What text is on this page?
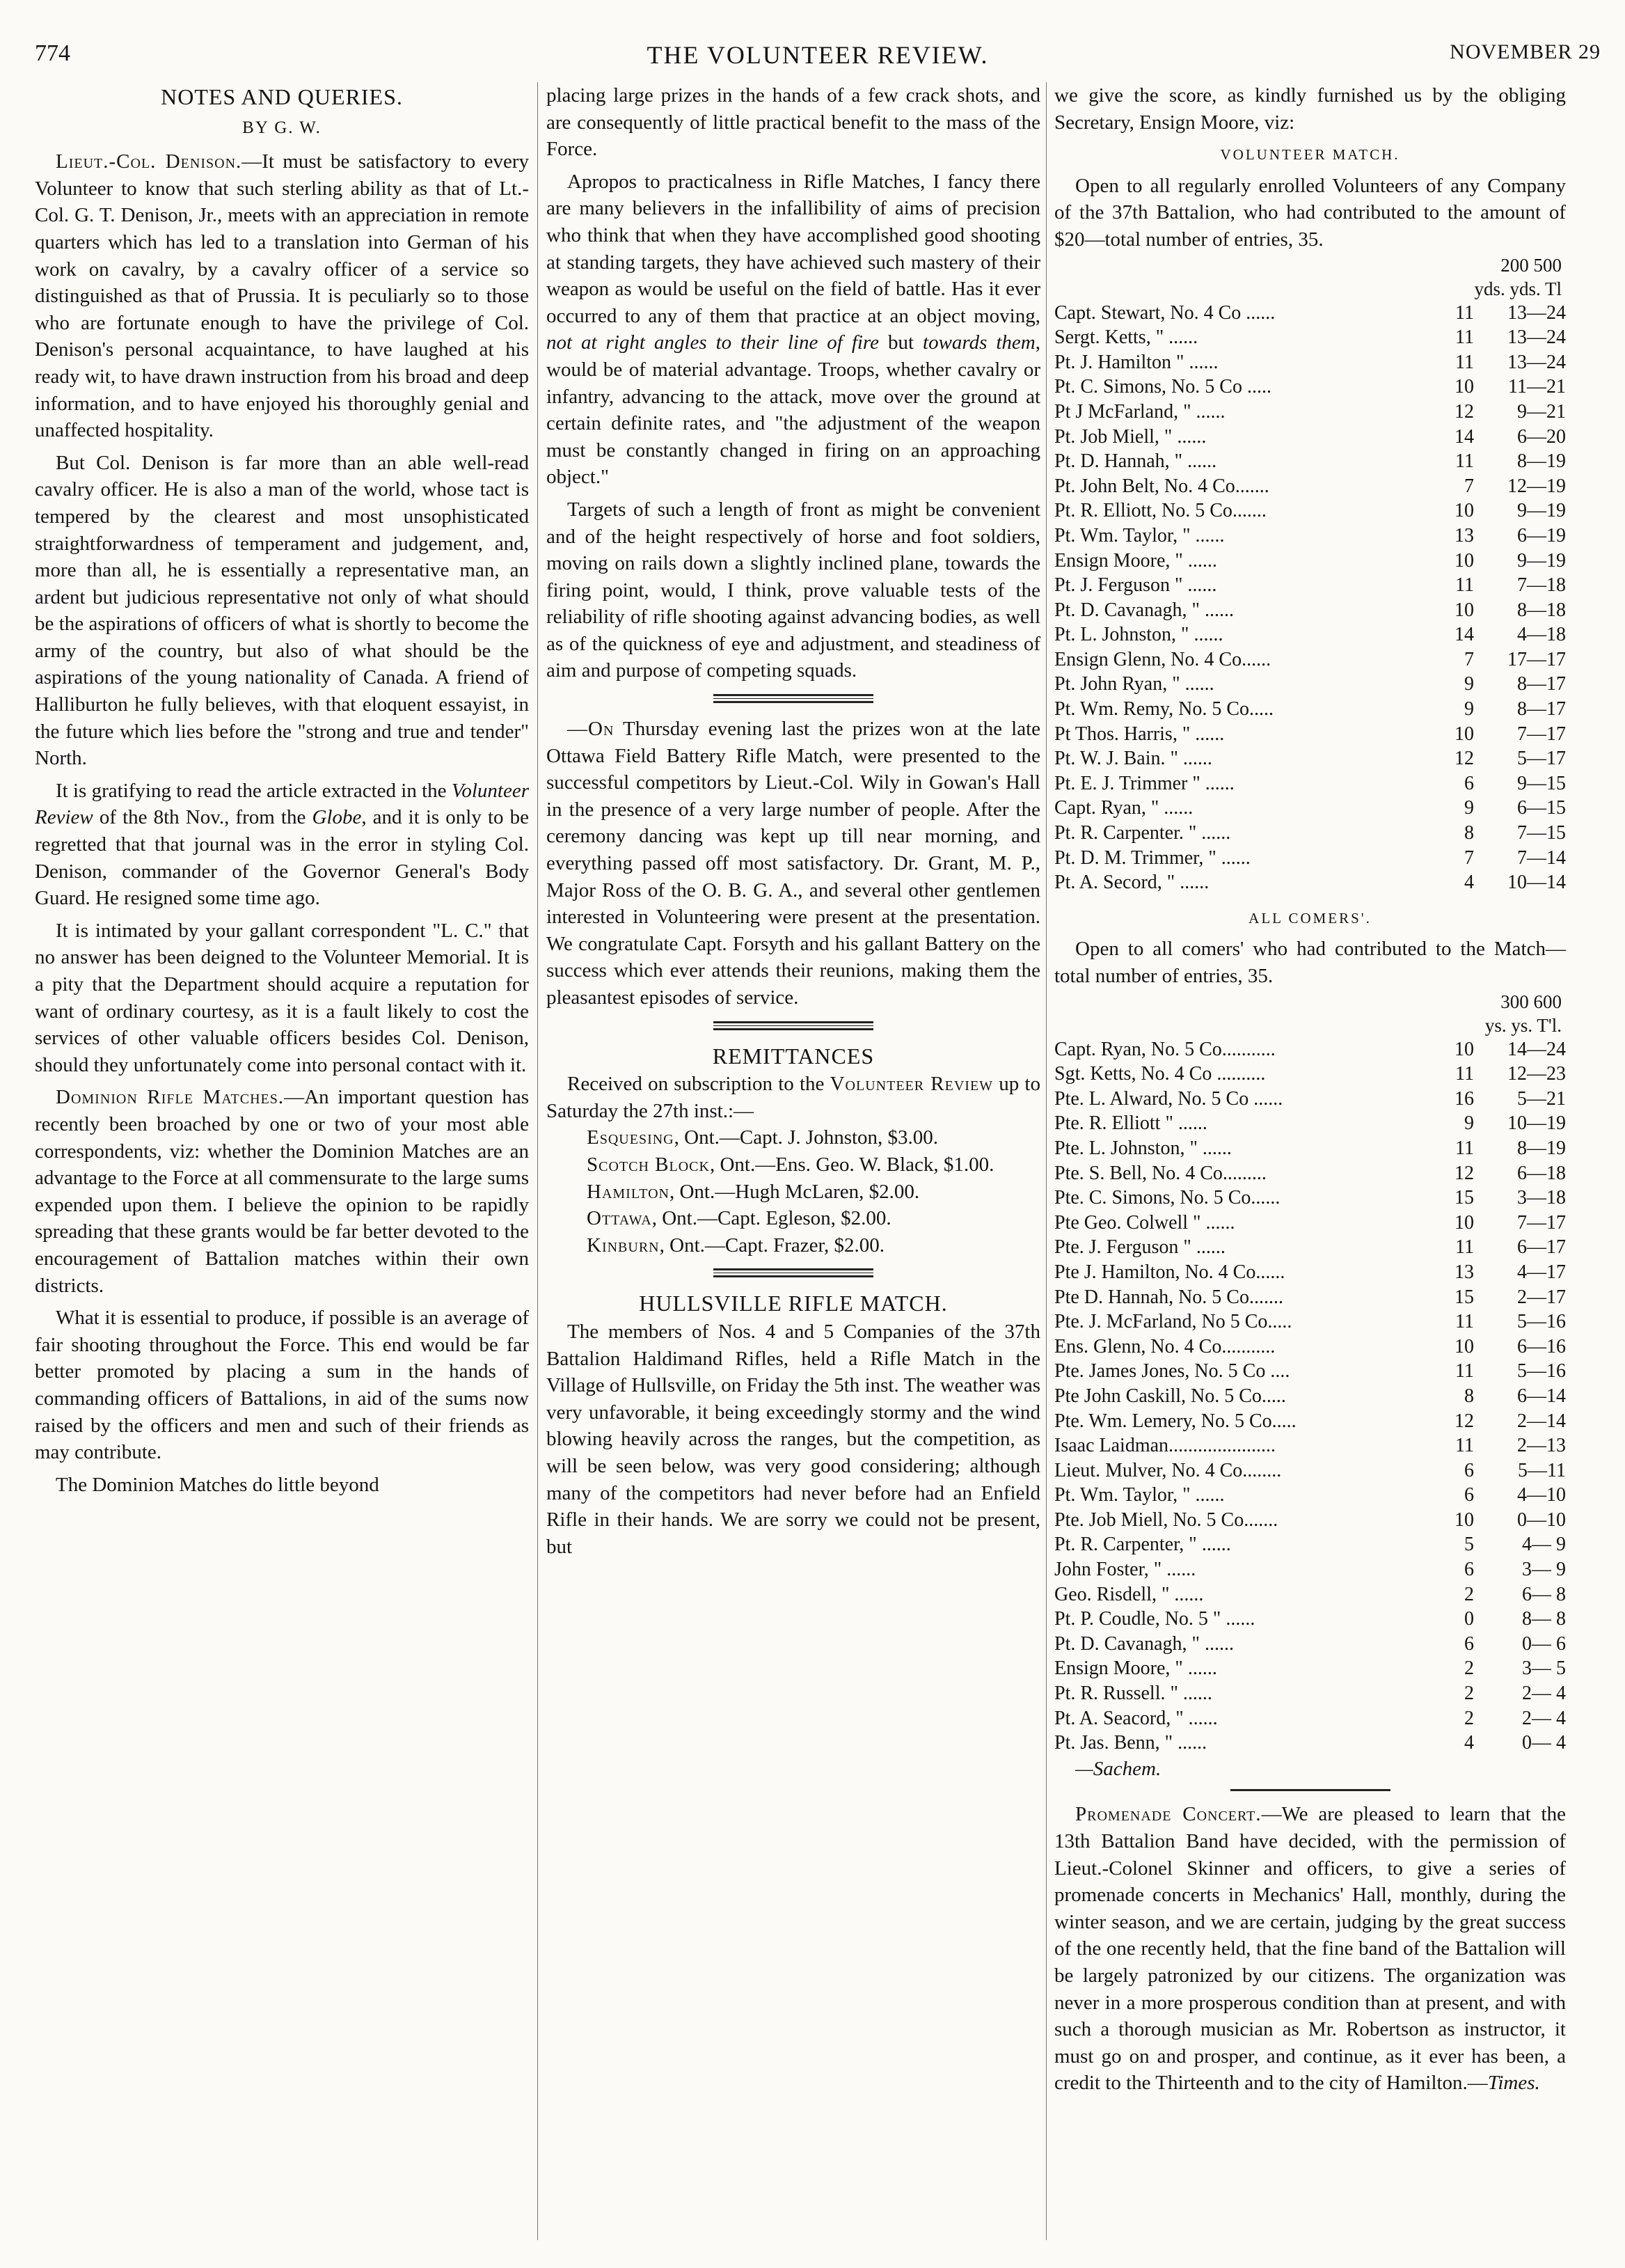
774	THE VOLUNTEER REVIEW.	NOVEMBER 29
NOTES AND QUERIES.
BY G. W.

Lieut.-Col. Denison.—It must be satisfactory to every Volunteer to know that such sterling ability as that of Lt.-Col. G. T. Denison, Jr., meets with an appreciation in remote quarters which has led to a translation into German of his work on cavalry, by a cavalry officer of a service so distinguished as that of Prussia. It is peculiarly so to those who are fortunate enough to have the privilege of Col. Denison's personal acquaintance, to have laughed at his ready wit, to have drawn instruction from his broad and deep information, and to have enjoyed his thoroughly genial and unaffected hospitality.

But Col. Denison is far more than an able well-read cavalry officer. He is also a man of the world, whose tact is tempered by the clearest and most unsophisticated straightforwardness of temperament and judgement, and, more than all, he is essentially a representative man, an ardent but judicious representative not only of what should be the aspirations of officers of what is shortly to become the army of the country, but also of what should be the aspirations of the young nationality of Canada. A friend of Halliburton he fully believes, with that eloquent essayist, in the future which lies before the "strong and true and tender" North.

It is gratifying to read the article extracted in the Volunteer Review of the 8th Nov., from the Globe, and it is only to be regretted that that journal was in the error in styling Col. Denison, commander of the Governor General's Body Guard. He resigned some time ago.

It is intimated by your gallant correspondent "L. C." that no answer has been deigned to the Volunteer Memorial. It is a pity that the Department should acquire a reputation for want of ordinary courtesy, as it is a fault likely to cost the services of other valuable officers besides Col. Denison, should they unfortunately come into personal contact with it.

Dominion Rifle Matches.—An important question has recently been broached by one or two of your most able correspondents, viz: whether the Dominion Matches are an advantage to the Force at all commensurate to the large sums expended upon them. I believe the opinion to be rapidly spreading that these grants would be far better devoted to the encouragement of Battalion matches within their own districts.

What it is essential to produce, if possible is an average of fair shooting throughout the Force. This end would be far better promoted by placing a sum in the hands of commanding officers of Battalions, in aid of the sums now raised by the officers and men and such of their friends as may contribute.

The Dominion Matches do little beyond

placing large prizes in the hands of a few crack shots, and are consequently of little practical benefit to the mass of the Force.

Apropos to practicalness in Rifle Matches, I fancy there are many believers in the infallibility of aims of precision who think that when they have accomplished good shooting at standing targets, they have achieved such mastery of their weapon as would be useful on the field of battle. Has it ever occurred to any of them that practice at an object moving, not at right angles to their line of fire but towards them, would be of material advantage. Troops, whether cavalry or infantry, advancing to the attack, move over the ground at certain definite rates, and "the adjustment of the weapon must be constantly changed in firing on an approaching object."

Targets of such a length of front as might be convenient and of the height respectively of horse and foot soldiers, moving on rails down a slightly inclined plane, towards the firing point, would, I think, prove valuable tests of the reliability of rifle shooting against advancing bodies, as well as of the quickness of eye and adjustment, and steadiness of aim and purpose of competing squads.

—On Thursday evening last the prizes won at the late Ottawa Field Battery Rifle Match, were presented to the successful competitors by Lieut.-Col. Wily in Gowan's Hall in the presence of a very large number of people. After the ceremony dancing was kept up till near morning, and everything passed off most satisfactory. Dr. Grant, M. P., Major Ross of the O. B. G. A., and several other gentlemen interested in Volunteering were present at the presentation. We congratulate Capt. Forsyth and his gallant Battery on the success which ever attends their reunions, making them the pleasantest episodes of service.

REMITTANCES

Received on subscription to the Volunteer Review up to Saturday the 27th inst.:—

Esquesing, Ont.—Capt. J. Johnston, $3.00.

Scotch Block, Ont.—Ens. Geo. W. Black, $1.00.

Hamilton, Ont.—Hugh McLaren, $2.00.

Ottawa, Ont.—Capt. Egleson, $2.00.

Kinburn, Ont.—Capt. Frazer, $2.00.

HULLSVILLE RIFLE MATCH.

The members of Nos. 4 and 5 Companies of the 37th Battalion Haldimand Rifles, held a Rifle Match in the Village of Hullsville, on Friday the 5th inst. The weather was very unfavorable, it being exceedingly stormy and the wind blowing heavily across the ranges, but the competition, as will be seen below, was very good considering; although many of the competitors had never before had an Enfield Rifle in their hands. We are sorry we could not be present, but

we give the score, as kindly furnished us by the obliging Secretary, Ensign Moore, viz:

VOLUNTEER MATCH.

Open to all regularly enrolled Volunteers of any Company of the 37th Battalion, who had contributed to the amount of $20—total number of entries, 35.

200 500
yds. yds. Tl
Capt. Stewart, No. 4 Co ......	11	13—24
Sergt. Ketts, " ......	11	13—24
Pt. J. Hamilton " ......	11	13—24
Pt. C. Simons, No. 5 Co .....	10	11—21
Pt J McFarland, " ......	12	9—21
Pt. Job Miell, " ......	14	6—20
Pt. D. Hannah, " ......	11	8—19
Pt. John Belt, No. 4 Co.......	7	12—19
Pt. R. Elliott, No. 5 Co.......	10	9—19
Pt. Wm. Taylor, " ......	13	6—19
Ensign Moore, " ......	10	9—19
Pt. J. Ferguson " ......	11	7—18
Pt. D. Cavanagh, " ......	10	8—18
Pt. L. Johnston, " ......	14	4—18
Ensign Glenn, No. 4 Co......	7	17—17
Pt. John Ryan, " ......	9	8—17
Pt. Wm. Remy, No. 5 Co.....	9	8—17
Pt Thos. Harris, " ......	10	7—17
Pt. W. J. Bain. " ......	12	5—17
Pt. E. J. Trimmer " ......	6	9—15
Capt. Ryan, " ......	9	6—15
Pt. R. Carpenter. " ......	8	7—15
Pt. D. M. Trimmer, " ......	7	7—14
Pt. A. Secord, " ......	4	10—14
ALL COMERS'.

Open to all comers' who had contributed to the Match—total number of entries, 35.

300 600
ys. ys. T'l.
Capt. Ryan, No. 5 Co...........	10	14—24
Sgt. Ketts, No. 4 Co ..........	11	12—23
Pte. L. Alward, No. 5 Co ......	16	5—21
Pte. R. Elliott " ......	9	10—19
Pte. L. Johnston, " ......	11	8—19
Pte. S. Bell, No. 4 Co.........	12	6—18
Pte. C. Simons, No. 5 Co......	15	3—18
Pte Geo. Colwell " ......	10	7—17
Pte. J. Ferguson " ......	11	6—17
Pte J. Hamilton, No. 4 Co......	13	4—17
Pte D. Hannah, No. 5 Co.......	15	2—17
Pte. J. McFarland, No 5 Co.....	11	5—16
Ens. Glenn, No. 4 Co...........	10	6—16
Pte. James Jones, No. 5 Co ....	11	5—16
Pte John Caskill, No. 5 Co.....	8	6—14
Pte. Wm. Lemery, No. 5 Co.....	12	2—14
Isaac Laidman......................	11	2—13
Lieut. Mulver, No. 4 Co........	6	5—11
Pt. Wm. Taylor, " ......	6	4—10
Pte. Job Miell, No. 5 Co.......	10	0—10
Pt. R. Carpenter, " ......	5	4— 9
John Foster, " ......	6	3— 9
Geo. Risdell, " ......	2	6— 8
Pt. P. Coudle, No. 5 " ......	0	8— 8
Pt. D. Cavanagh, " ......	6	0— 6
Ensign Moore, " ......	2	3— 5
Pt. R. Russell. " ......	2	2— 4
Pt. A. Seacord, " ......	2	2— 4
Pt. Jas. Benn, " ......	4	0— 4

—Sachem.

Promenade Concert.—We are pleased to learn that the 13th Battalion Band have decided, with the permission of Lieut.-Colonel Skinner and officers, to give a series of promenade concerts in Mechanics' Hall, monthly, during the winter season, and we are certain, judging by the great success of the one recently held, that the fine band of the Battalion will be largely patronized by our citizens. The organization was never in a more prosperous condition than at present, and with such a thorough musician as Mr. Robertson as instructor, it must go on and prosper, and continue, as it ever has been, a credit to the Thirteenth and to the city of Hamilton.—Times.
